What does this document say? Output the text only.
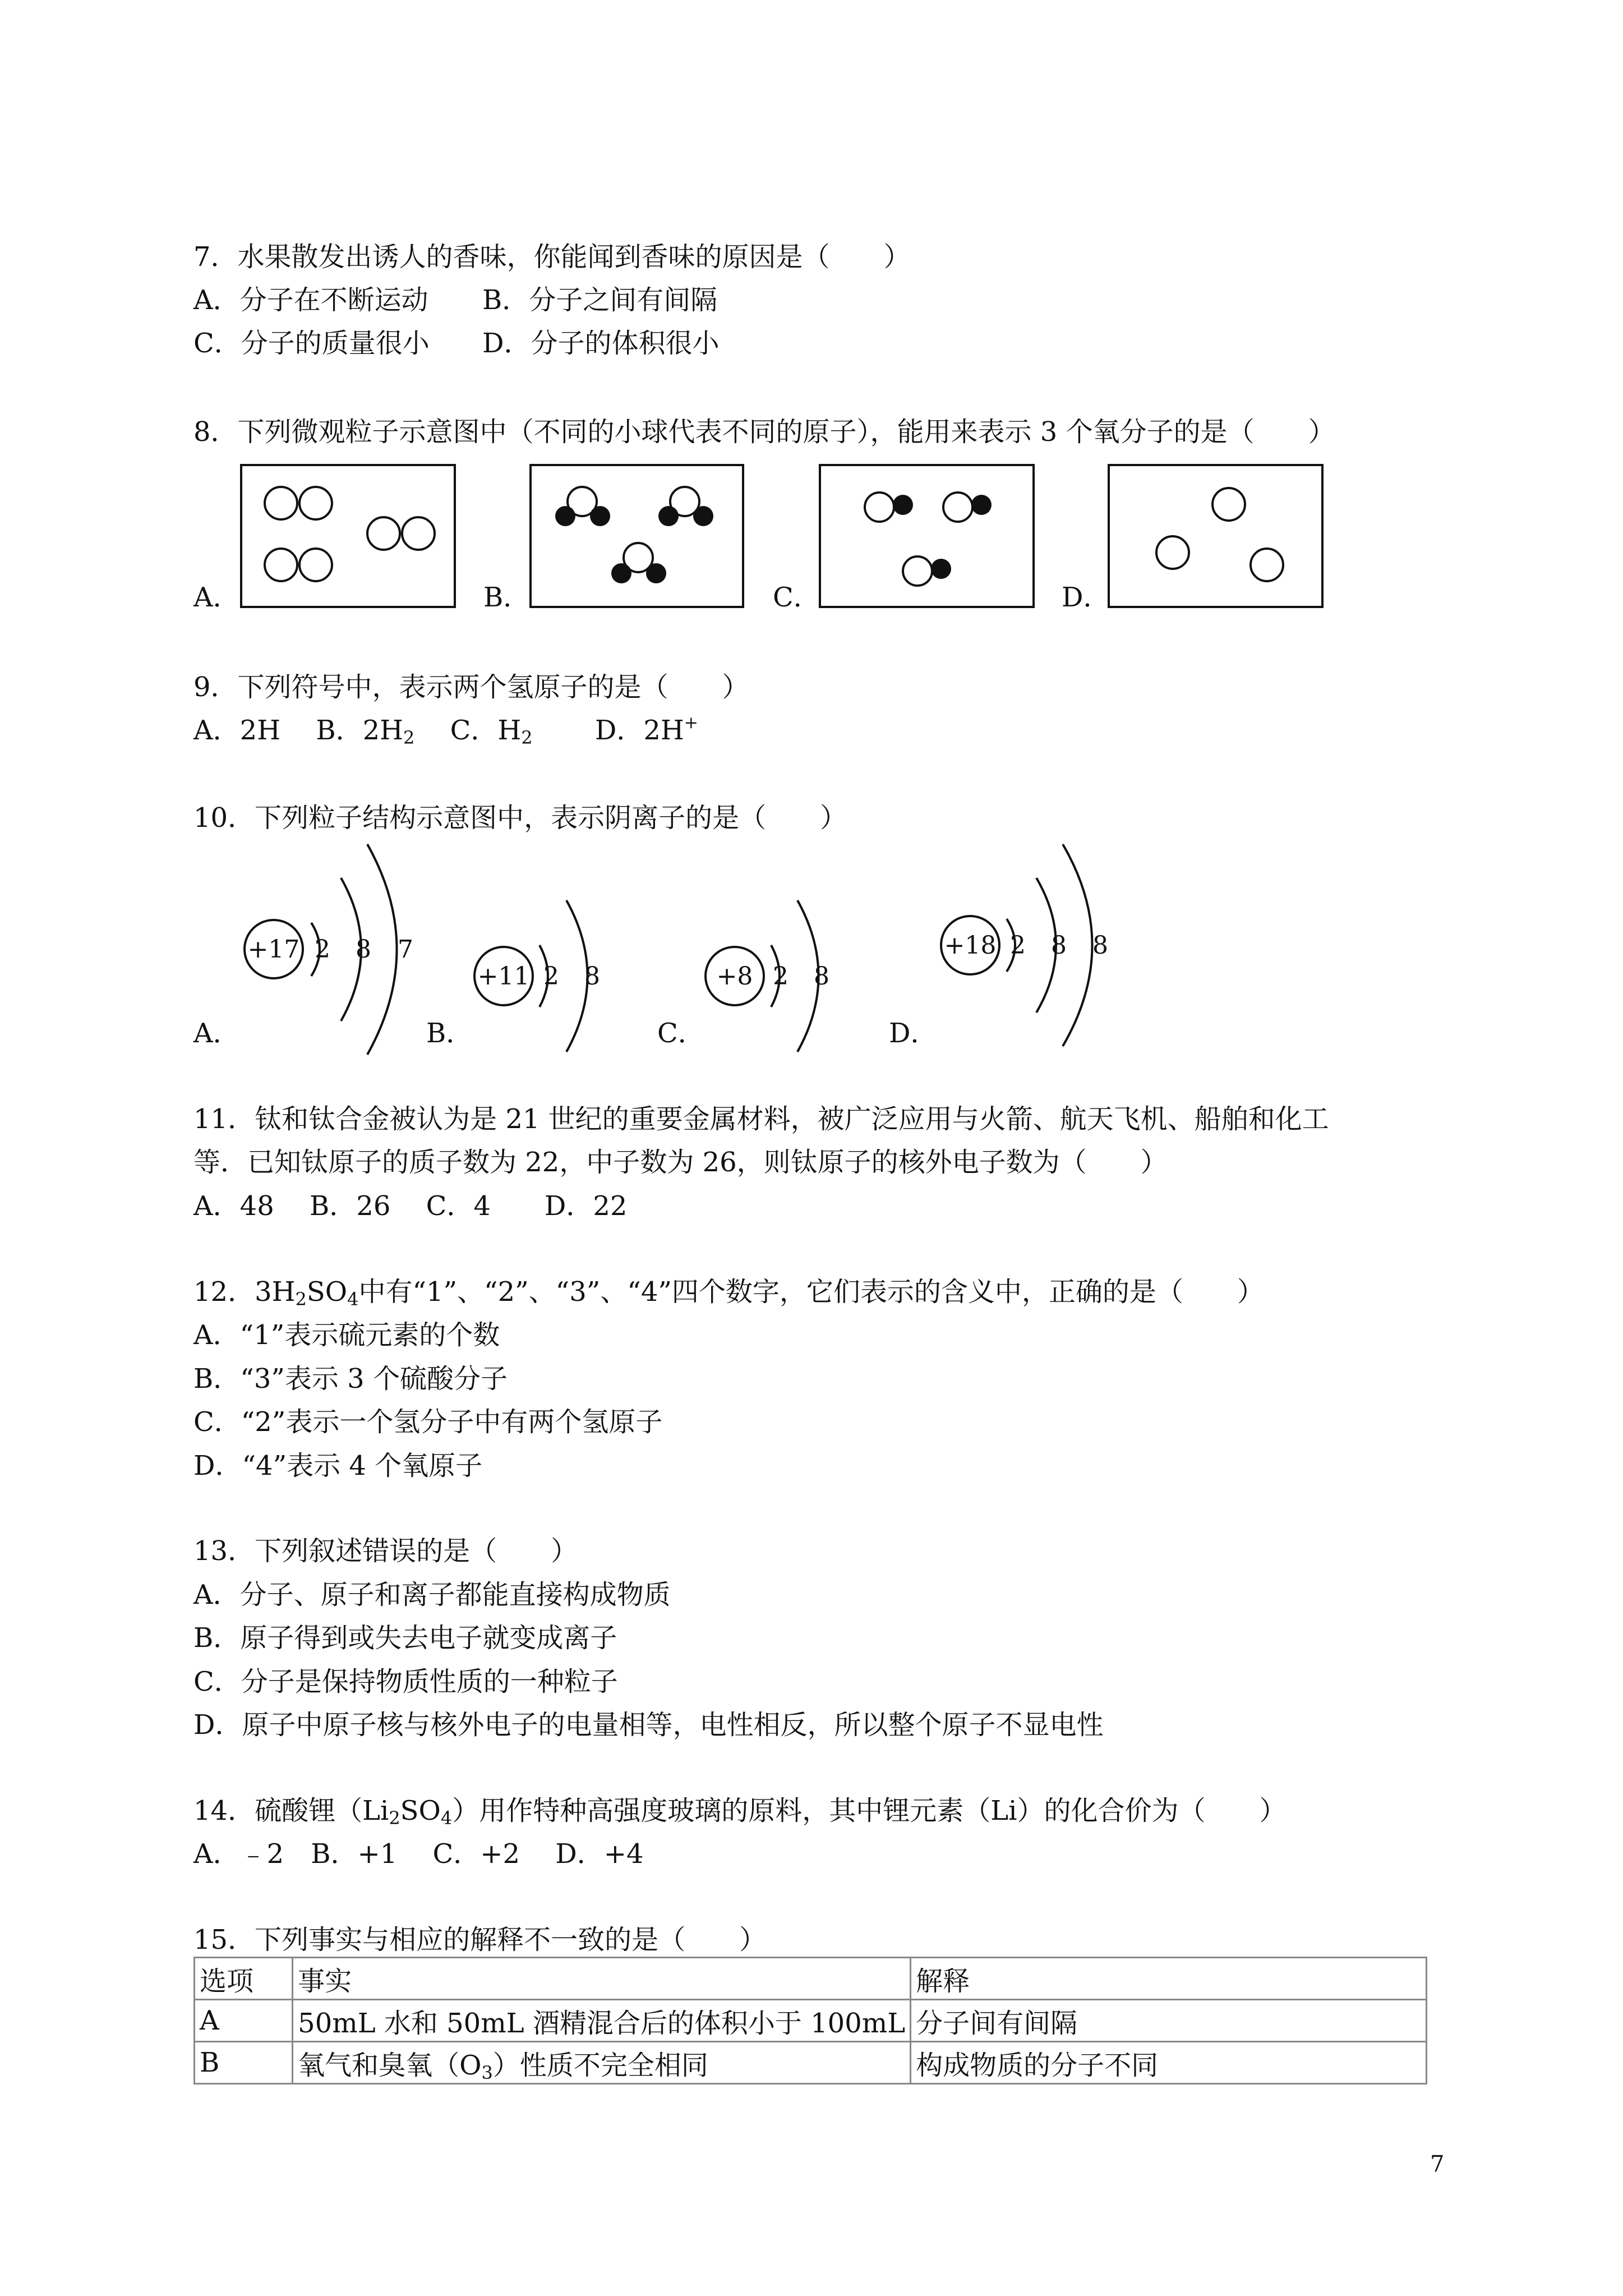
7．水果散发出诱人的香味，你能闻到香味的原因是（　　）
A．分子在不断运动 B．分子之间有间隔
C．分子的质量很小 D．分子的体积很小
8．下列微观粒子示意图中（不同的小球代表不同的原子），能用来表示 3 个氧分子的是（　　）
A．	B．	C．	D．
9．下列符号中，表示两个氢原子的是（　　）
A．2H　 B．$2H_2$　 C．$H_2$　　 D．2H+
10．下列粒子结构示意图中，表示阴离子的是（　　）
+17 2 8 7
+11 2 8	+8 2 8
+18 2 8 8
A．	B．	C．	D．
11．钛和钛合金被认为是 21 世纪的重要金属材料，被广泛应用与火箭、航天飞机、船舶和化工
等．已知钛原子的质子数为 22，中子数为 26，则钛原子的核外电子数为（　　）
A．48　 B．26　 C．4　　D．22
12．$3H_2SO_4$中有“1”、“2”、“3”、“4”四个数字，它们表示的含义中，正确的是（　　）
A．“1”表示硫元素的个数
B．“3”表示 3 个硫酸分子
C．“2”表示一个氢分子中有两个氢原子
D．“4”表示 4 个氧原子
13．下列叙述错误的是（　　）
A．分子、原子和离子都能直接构成物质
B．原子得到或失去电子就变成离子
C．分子是保持物质性质的一种粒子
D．原子中原子核与核外电子的电量相等，电性相反，所以整个原子不显电性
14．硫酸锂$(Li_2SO_4)$用作特种高强度玻璃的原料，其中锂元素（Li）的化合价为（　　）
A．﹣2　B．+1　 C．+2　 D．+4
15．下列事实与相应的解释不一致的是（　　）
选项	事实	解释
A	50mL 水和 50mL 酒精混合后的体积小于 100mL	分子间有间隔
B	氧气和臭氧$(O_3)$性质不完全相同	构成物质的分子不同
7
